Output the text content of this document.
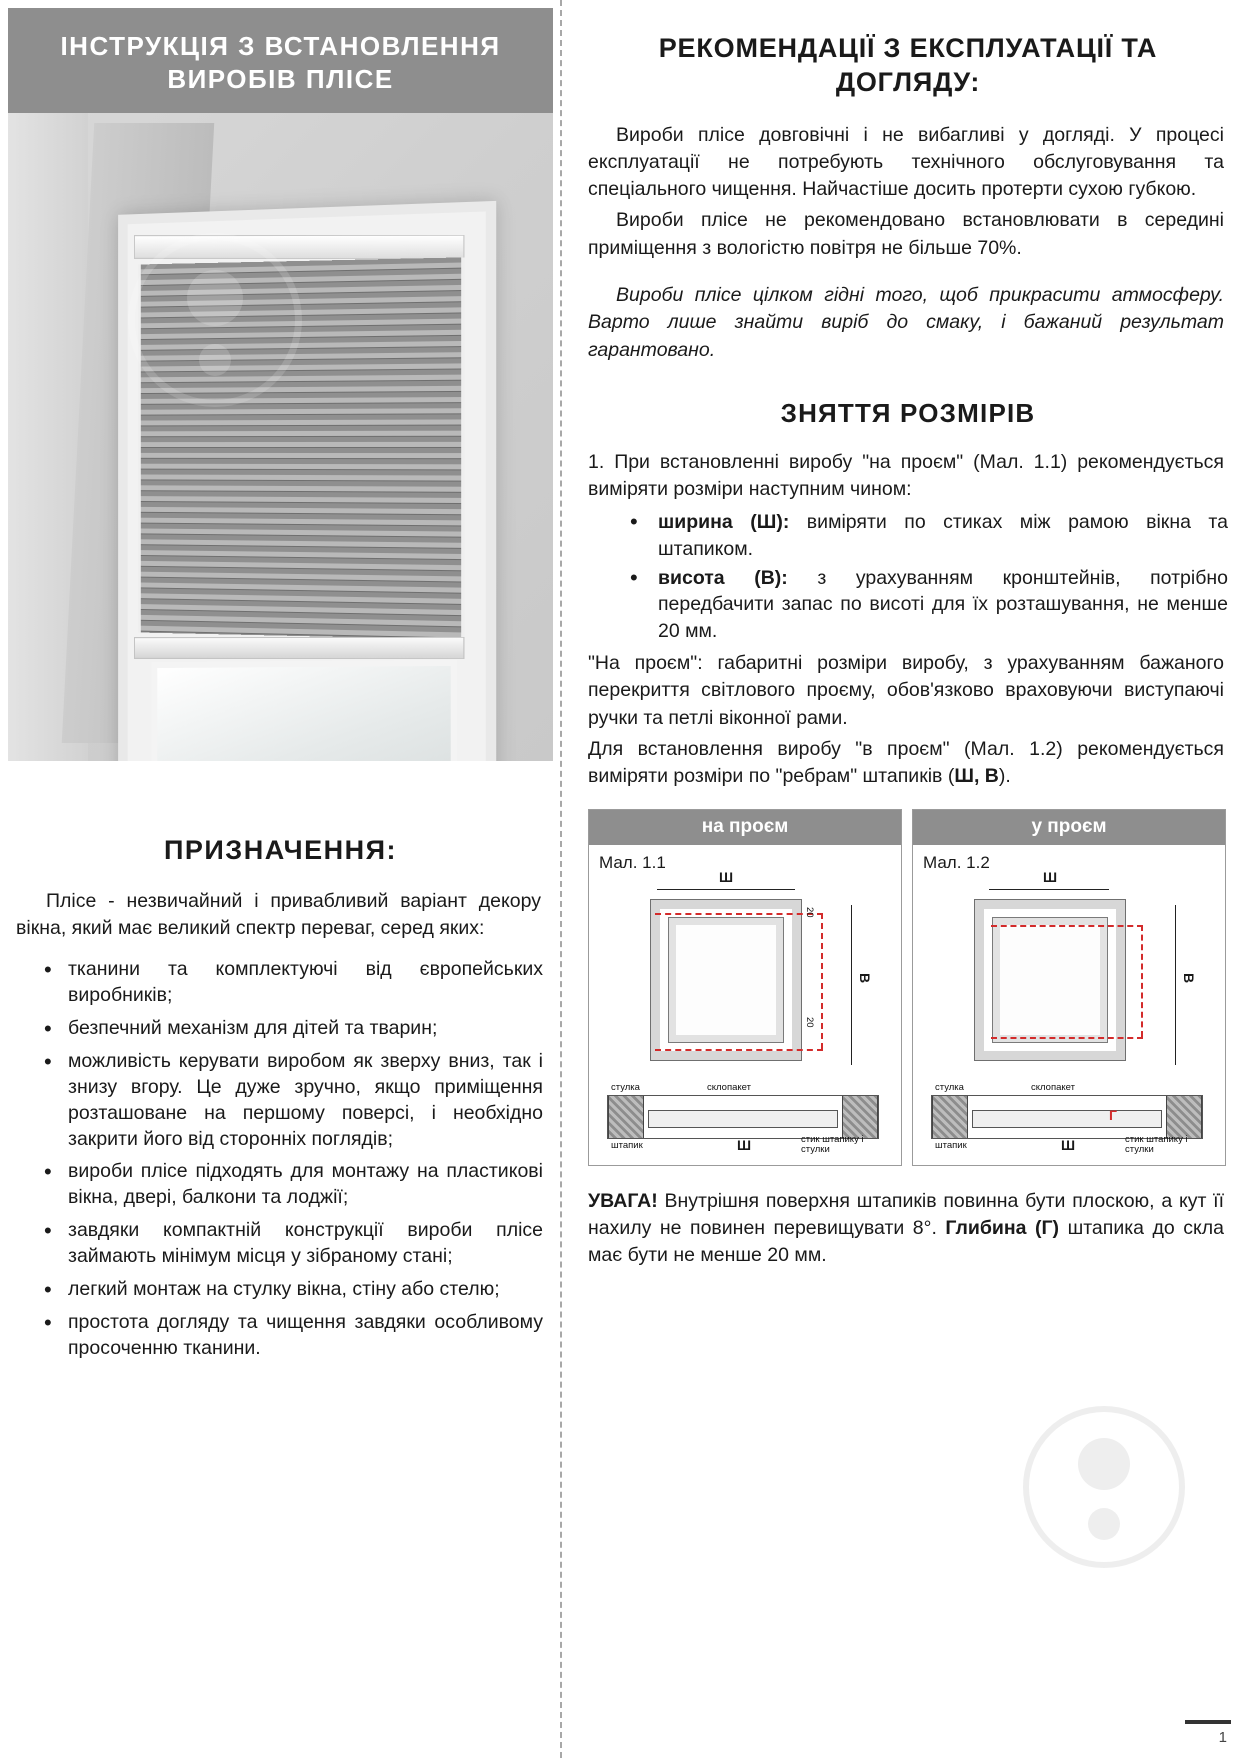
ІНСТРУКЦІЯ З ВСТАНОВЛЕННЯ ВИРОБІВ ПЛІСЕ
ПРИЗНАЧЕННЯ:
Пліcе - незвичайний і привабливий варіант декору вікна, який має великий спектр переваг, серед яких:
• тканини та комплектуючі від європейських виробників;
• безпечний механізм для дітей та тварин;
• можливість керувати виробом як зверху вниз, так і знизу вгору. Це дуже зручно, якщо приміщення розташоване на першому поверсі, і необхідно закрити його від сторонніх поглядів;
• вироби пліcе підходять для монтажу на пластикові вікна, двері, балкони та лоджії;
• завдяки компактній конструкції вироби пліcе займають мінімум місця у зібраному стані;
• легкий монтаж на стулку вікна, стіну або стелю;
• простота догляду та чищення завдяки особливому просоченню тканини.
РЕКОМЕНДАЦІЇ З ЕКСПЛУАТАЦІЇ ТА ДОГЛЯДУ:
Вироби пліcе довговічні і не вибагливі у догляді. У процесі експлуатації не потребують технічного обслуговування та спеціального чищення. Найчастіше досить протерти сухою губкою.
Вироби пліcе не рекомендовано встановлювати в середині приміщення з вологістю повітря не більше 70%.
Вироби пліcе цілком гідні того, щоб прикрасити атмосферу. Варто лише знайти виріб до смаку, і бажаний результат гарантовано.
ЗНЯТТЯ РОЗМІРІВ
1. При встановленні виробу "на проєм" (Мал. 1.1) рекомендується виміряти розміри наступним чином:
• ширина (Ш): виміряти по стиках між рамою вікна та штапиком.
• висота (В): з урахуванням кронштейнів, потрібно передбачити запас по висоті для їх розташування, не менше 20 мм.
"На проєм": габаритні розміри виробу, з урахуванням бажаного перекриття світлового проєму, обов'язково враховуючи виступаючі ручки та петлі віконної рами.
Для встановлення виробу "в проєм" (Мал. 1.2) рекомендується виміряти розміри по "ребрам" штапиків (Ш, В).
на проєм
Мал. 1.1
Ш
20
20
В
стулка	склопакет
штапик
стик штапику і стулки
Ш
у проєм
Мал. 1.2
Ш
В
стулка	склопакет
штапик
стик штапику і стулки
Ш
Г
УВАГА! Внутрішня поверхня штапиків повинна бути плоскою, а кут її нахилу не повинен перевищувати 8°. Глибина (Г) штапика до скла має бути не менше 20 мм.
1
